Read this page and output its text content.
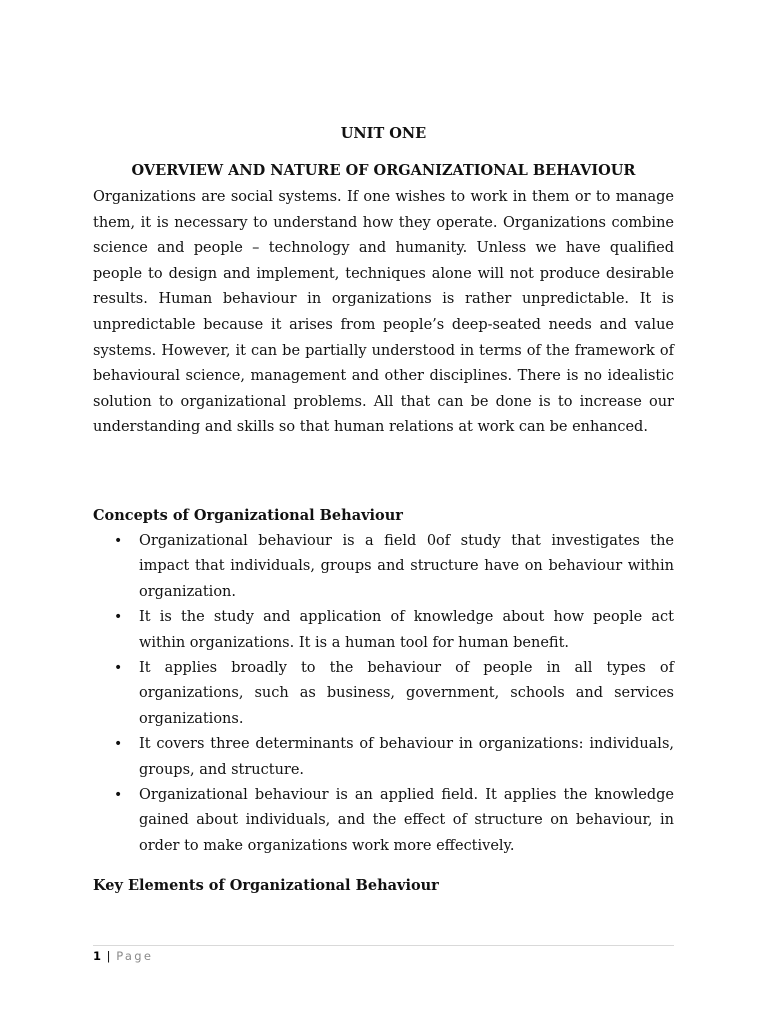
UNIT ONE
OVERVIEW AND NATURE OF ORGANIZATIONAL BEHAVIOUR

Organizations are social systems. If one wishes to work in them or to manage them, it is necessary to understand how they operate. Organizations combine science and people – technology and humanity. Unless we have qualified people to design and implement, techniques alone will not produce desirable results. Human behaviour in organizations is rather unpredictable. It is unpredictable because it arises from people’s deep-seated needs and value systems. However, it can be partially understood in terms of the framework of behavioural science, management and other disciplines. There is no idealistic solution to organizational problems. All that can be done is to increase our understanding and skills so that human relations at work can be enhanced.

Concepts of Organizational Behaviour
• Organizational behaviour is a field 0of study that investigates the impact that individuals, groups and structure have on behaviour within organization.
• It is the study and application of knowledge about how people act within organizations. It is a human tool for human benefit.
• It applies broadly to the behaviour of people in all types of organizations, such as business, government, schools and services organizations.
• It covers three determinants of behaviour in organizations: individuals, groups, and structure.
• Organizational behaviour is an applied field. It applies the knowledge gained about individuals, and the effect of structure on behaviour, in order to make organizations work more effectively.
Key Elements of Organizational Behaviour
1 | Page
